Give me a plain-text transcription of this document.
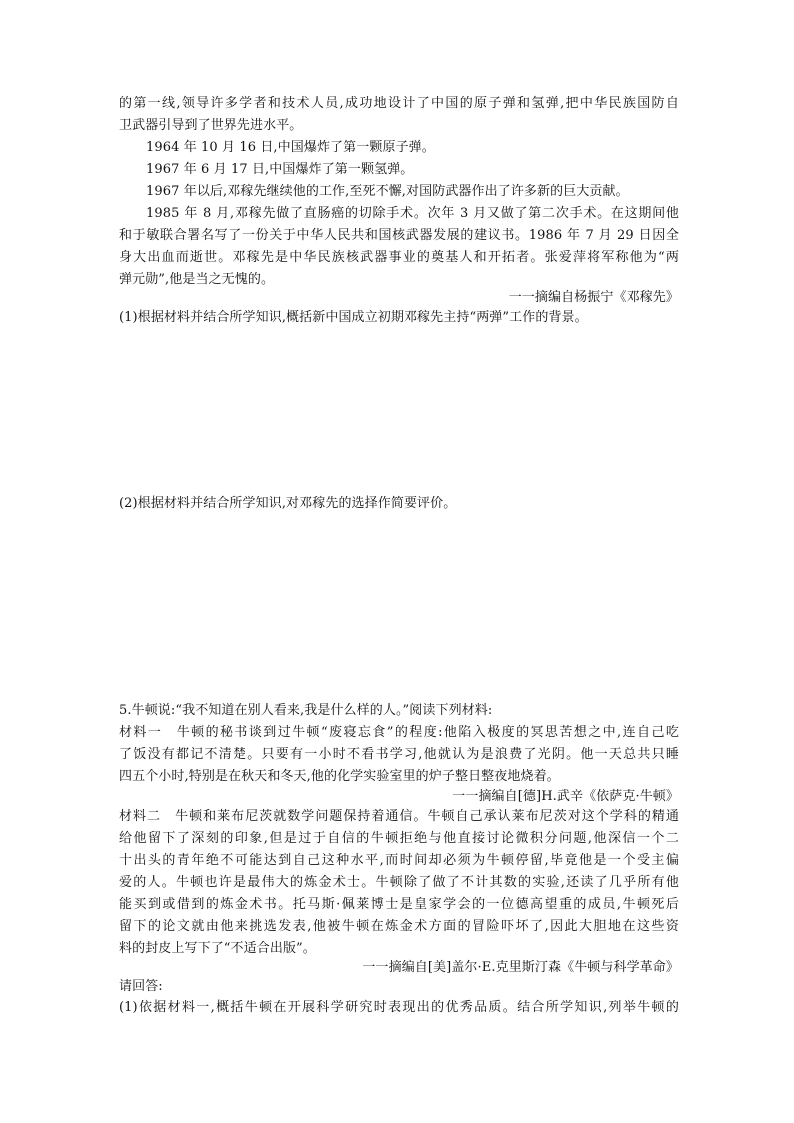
的第一线,领导许多学者和技术人员,成功地设计了中国的原子弹和氢弹,把中华民族国防自
卫武器引导到了世界先进水平。
1964 年 10 月 16 日,中国爆炸了第一颗原子弹。
1967 年 6 月 17 日,中国爆炸了第一颗氢弹。
1967 年以后,邓稼先继续他的工作,至死不懈,对国防武器作出了许多新的巨大贡献。
1985 年 8 月,邓稼先做了直肠癌的切除手术。次年 3 月又做了第二次手术。在这期间他
和于敏联合署名写了一份关于中华人民共和国核武器发展的建议书。1986 年 7 月 29 日因全
身大出血而逝世。邓稼先是中华民族核武器事业的奠基人和开拓者。张爱萍将军称他为“两
弹元勋”,他是当之无愧的。
一一摘编自杨振宁《邓稼先》
(1)根据材料并结合所学知识,概括新中国成立初期邓稼先主持“两弹”工作的背景。
(2)根据材料并结合所学知识,对邓稼先的选择作简要评价。
5.牛顿说:“我不知道在别人看来,我是什么样的人。”阅读下列材料:
材料一　牛顿的秘书谈到过牛顿“废寝忘食”的程度:他陷入极度的冥思苦想之中,连自己吃
了饭没有都记不清楚。只要有一小时不看书学习,他就认为是浪费了光阴。他一天总共只睡
四五个小时,特别是在秋天和冬天,他的化学实验室里的炉子整日整夜地烧着。
一一摘编自[德]H.武辛《依萨克·牛顿》
材料二　牛顿和莱布尼茨就数学问题保持着通信。牛顿自己承认莱布尼茨对这个学科的精通
给他留下了深刻的印象,但是过于自信的牛顿拒绝与他直接讨论微积分问题,他深信一个二
十出头的青年绝不可能达到自己这种水平,而时间却必须为牛顿停留,毕竟他是一个受主偏
爱的人。牛顿也许是最伟大的炼金术士。牛顿除了做了不计其数的实验,还读了几乎所有他
能买到或借到的炼金术书。托马斯·佩莱博士是皇家学会的一位德高望重的成员,牛顿死后
留下的论文就由他来挑选发表,他被牛顿在炼金术方面的冒险吓坏了,因此大胆地在这些资
料的封皮上写下了“不适合出版”。
一一摘编自[美]盖尔·E.克里斯汀森《牛顿与科学革命》
请回答:
(1)依据材料一,概括牛顿在开展科学研究时表现出的优秀品质。结合所学知识,列举牛顿的
